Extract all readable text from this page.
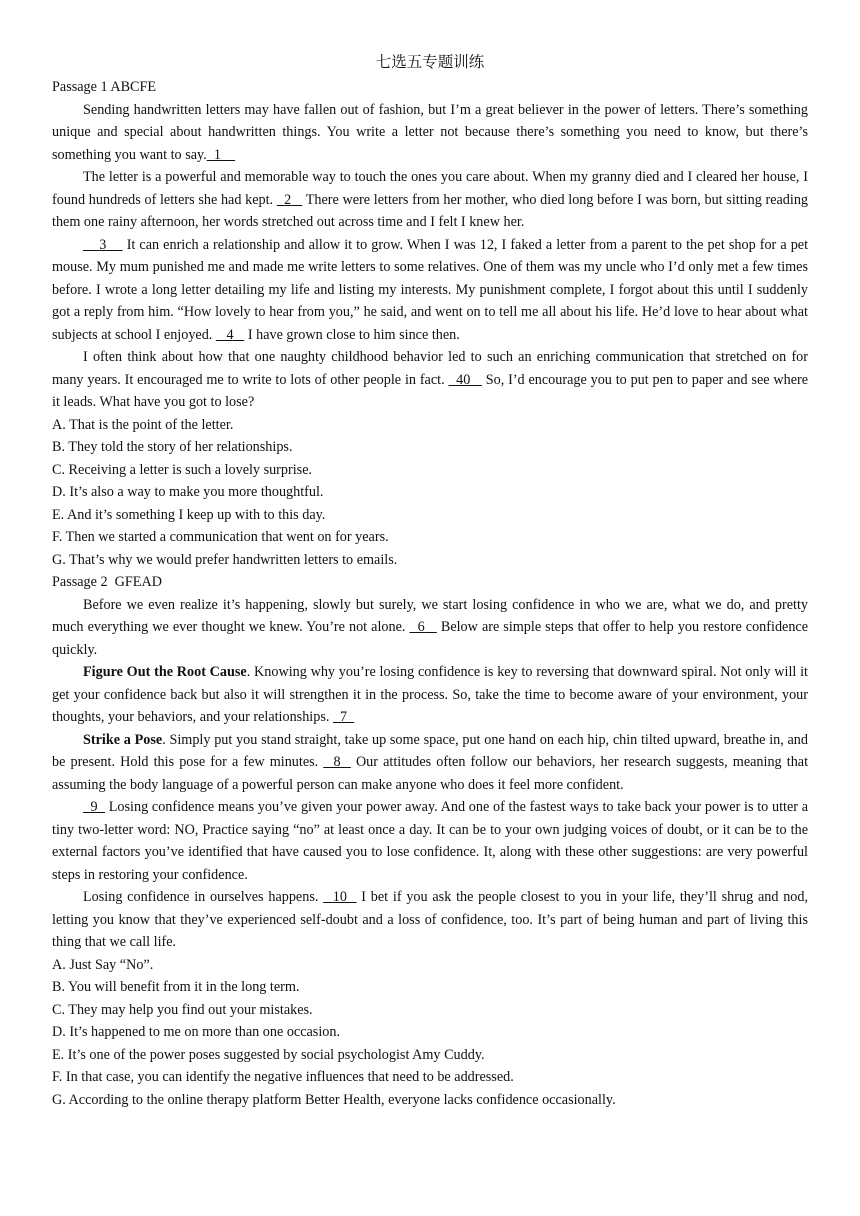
七选五专题训练

Passage 1 ABCFE

Sending handwritten letters may have fallen out of fashion, but I’m a great believer in the power of letters. There’s something unique and special about handwritten things. You write a letter not because there’s something you need to know, but there’s something you want to say. 1

The letter is a powerful and memorable way to touch the ones you care about. When my granny died and I cleared her house, I found hundreds of letters she had kept. 2 There were letters from her mother, who died long before I was born, but sitting reading them one rainy afternoon, her words stretched out across time and I felt I knew her.

3 It can enrich a relationship and allow it to grow. When I was 12, I faked a letter from a parent to the pet shop for a pet mouse. My mum punished me and made me write letters to some relatives. One of them was my uncle who I’d only met a few times before. I wrote a long letter detailing my life and listing my interests. My punishment complete, I forgot about this until I suddenly got a reply from him. “How lovely to hear from you,” he said, and went on to tell me all about his life. He’d love to hear about what subjects at school I enjoyed. 4 I have grown close to him since then.

I often think about how that one naughty childhood behavior led to such an enriching communication that stretched on for many years. It encouraged me to write to lots of other people in fact. 40 So, I’d encourage you to put pen to paper and see where it leads. What have you got to lose?

A. That is the point of the letter.

B. They told the story of her relationships.

C. Receiving a letter is such a lovely surprise.

D. It’s also a way to make you more thoughtful.

E. And it’s something I keep up with to this day.

F. Then we started a communication that went on for years.

G. That’s why we would prefer handwritten letters to emails.

Passage 2 GFEAD

Before we even realize it’s happening, slowly but surely, we start losing confidence in who we are, what we do, and pretty much everything we ever thought we knew. You’re not alone. 6 Below are simple steps that offer to help you restore confidence quickly.

Figure Out the Root Cause. Knowing why you’re losing confidence is key to reversing that downward spiral. Not only will it get your confidence back but also it will strengthen it in the process. So, take the time to become aware of your environment, your thoughts, your behaviors, and your relationships. 7

Strike a Pose. Simply put you stand straight, take up some space, put one hand on each hip, chin tilted upward, breathe in, and be present. Hold this pose for a few minutes. 8 Our attitudes often follow our behaviors, her research suggests, meaning that assuming the body language of a powerful person can make anyone who does it feel more confident.

9 Losing confidence means you’ve given your power away. And one of the fastest ways to take back your power is to utter a tiny two-letter word: NO, Practice saying “no” at least once a day. It can be to your own judging voices of doubt, or it can be to the external factors you’ve identified that have caused you to lose confidence. It, along with these other suggestions: are very powerful steps in restoring your confidence.

Losing confidence in ourselves happens. 10 I bet if you ask the people closest to you in your life, they’ll shrug and nod, letting you know that they’ve experienced self-doubt and a loss of confidence, too. It’s part of being human and part of living this thing that we call life.

A. Just Say “No”.

B. You will benefit from it in the long term.

C. They may help you find out your mistakes.

D. It’s happened to me on more than one occasion.

E. It’s one of the power poses suggested by social psychologist Amy Cuddy.

F. In that case, you can identify the negative influences that need to be addressed.

G. According to the online therapy platform Better Health, everyone lacks confidence occasionally.
